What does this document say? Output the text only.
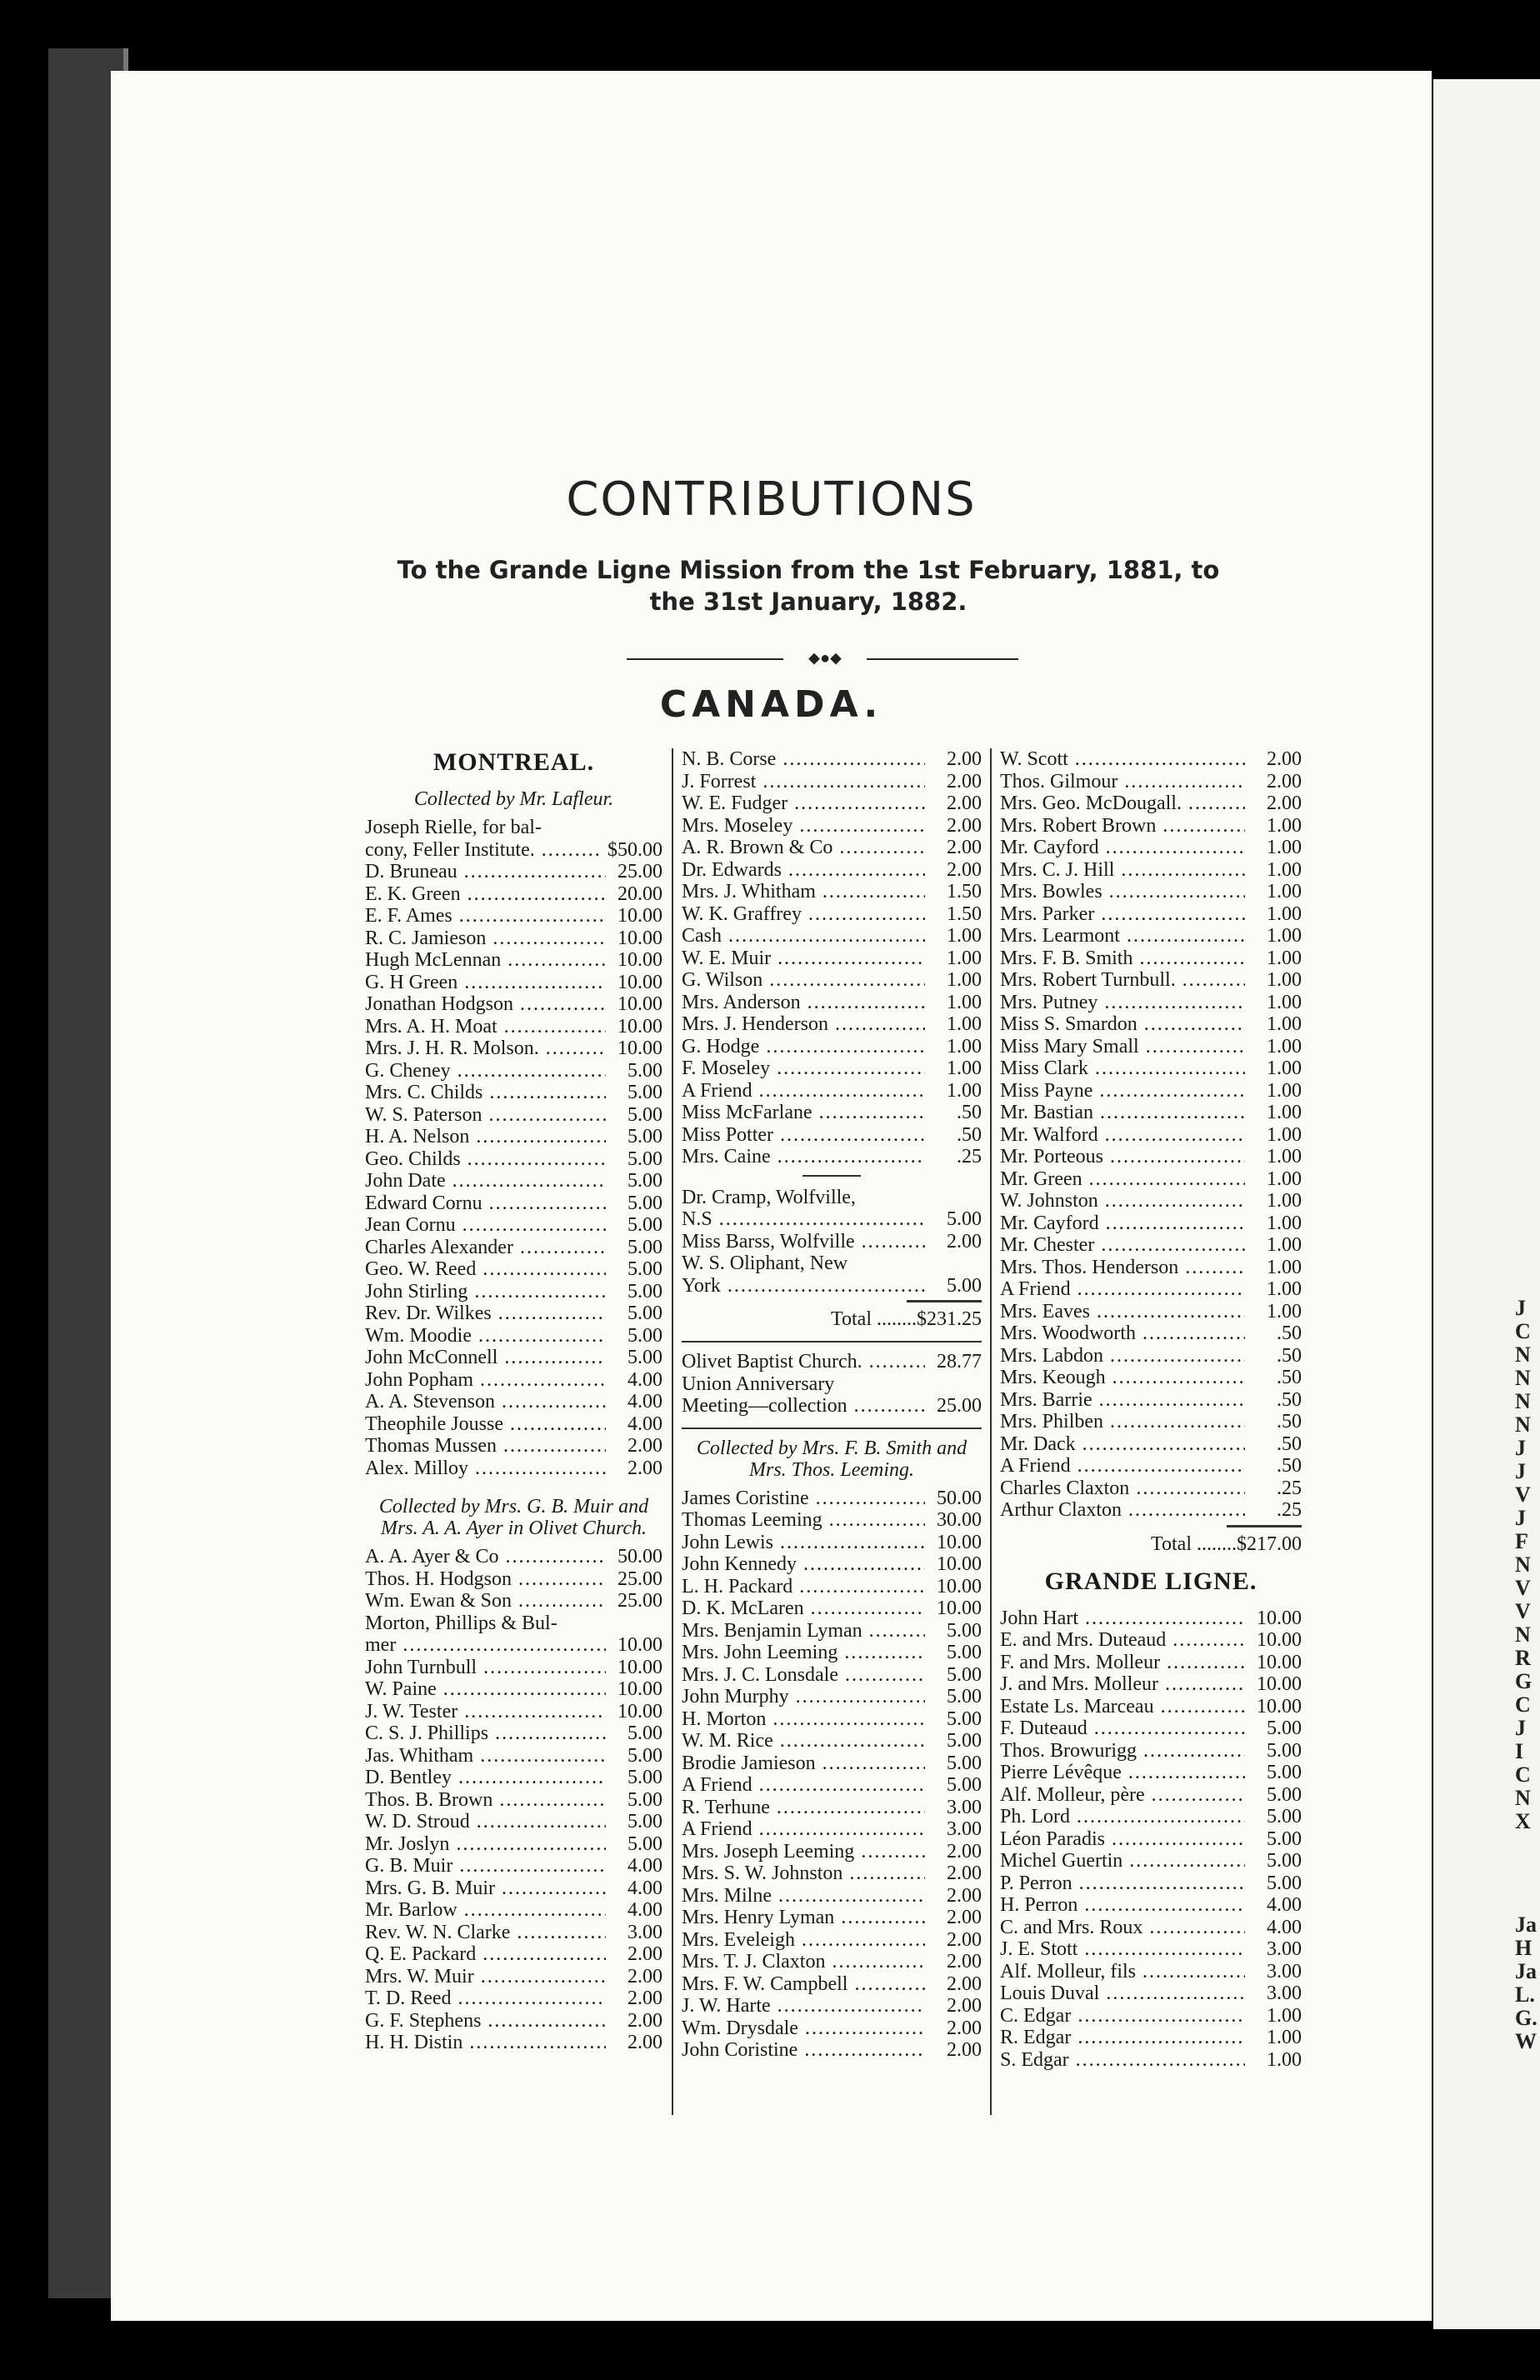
J
C
N
N
N
N
J
J
V
J
F
N
V
V
N
R
G
C
J
I
C
N
X
Ja
H
Ja
L.
G.
W
CONTRIBUTIONS
To the Grande Ligne Mission from the 1st February, 1881, to
the 31st January, 1882.
⬥●⬥
CANADA.
MONTREAL.
Collected by Mr. Lafleur.
Joseph Rielle, for bal-
cony, Feller Institute. .....	$50.00
D. Bruneau .....	25.00
E. K. Green .....	20.00
E. F. Ames .....	10.00
R. C. Jamieson .....	10.00
Hugh McLennan .....	10.00
G. H Green .....	10.00
Jonathan Hodgson .....	10.00
Mrs. A. H. Moat .....	10.00
Mrs. J. H. R. Molson. .....	10.00
G. Cheney .....	5.00
Mrs. C. Childs .....	5.00
W. S. Paterson .....	5.00
H. A. Nelson .....	5.00
Geo. Childs .....	5.00
John Date .....	5.00
Edward Cornu .....	5.00
Jean Cornu .....	5.00
Charles Alexander .....	5.00
Geo. W. Reed .....	5.00
John Stirling .....	5.00
Rev. Dr. Wilkes .....	5.00
Wm. Moodie .....	5.00
John McConnell .....	5.00
John Popham .....	4.00
A. A. Stevenson .....	4.00
Theophile Jousse .....	4.00
Thomas Mussen .....	2.00
Alex. Milloy .....	2.00
Collected by Mrs. G. B. Muir and Mrs. A. A. Ayer in Olivet Church.
A. A. Ayer & Co .....	50.00
Thos. H. Hodgson .....	25.00
Wm. Ewan & Son .....	25.00
Morton, Phillips & Bul-
mer .....	10.00
John Turnbull .....	10.00
W. Paine .....	10.00
J. W. Tester .....	10.00
C. S. J. Phillips .....	5.00
Jas. Whitham .....	5.00
D. Bentley .....	5.00
Thos. B. Brown .....	5.00
W. D. Stroud .....	5.00
Mr. Joslyn .....	5.00
G. B. Muir .....	4.00
Mrs. G. B. Muir .....	4.00
Mr. Barlow .....	4.00
Rev. W. N. Clarke .....	3.00
Q. E. Packard .....	2.00
Mrs. W. Muir .....	2.00
T. D. Reed .....	2.00
G. F. Stephens .....	2.00
H. H. Distin .....	2.00
N. B. Corse .....	2.00
J. Forrest .....	2.00
W. E. Fudger .....	2.00
Mrs. Moseley .....	2.00
A. R. Brown & Co .....	2.00
Dr. Edwards .....	2.00
Mrs. J. Whitham .....	1.50
W. K. Graffrey .....	1.50
Cash .....	1.00
W. E. Muir .....	1.00
G. Wilson .....	1.00
Mrs. Anderson .....	1.00
Mrs. J. Henderson .....	1.00
G. Hodge .....	1.00
F. Moseley .....	1.00
A Friend .....	1.00
Miss McFarlane .....	.50
Miss Potter .....	.50
Mrs. Caine .....	.25
Dr. Cramp, Wolfville,
N.S .....	5.00
Miss Barss, Wolfville .....	2.00
W. S. Oliphant, New
York .....	5.00
Total ........$231.25
Olivet Baptist Church. .....	28.77
Union Anniversary
Meeting—collection .....	25.00
Collected by Mrs. F. B. Smith and Mrs. Thos. Leeming.
James Coristine .....	50.00
Thomas Leeming .....	30.00
John Lewis .....	10.00
John Kennedy .....	10.00
L. H. Packard .....	10.00
D. K. McLaren .....	10.00
Mrs. Benjamin Lyman .....	5.00
Mrs. John Leeming .....	5.00
Mrs. J. C. Lonsdale .....	5.00
John Murphy .....	5.00
H. Morton .....	5.00
W. M. Rice .....	5.00
Brodie Jamieson .....	5.00
A Friend .....	5.00
R. Terhune .....	3.00
A Friend .....	3.00
Mrs. Joseph Leeming .....	2.00
Mrs. S. W. Johnston .....	2.00
Mrs. Milne .....	2.00
Mrs. Henry Lyman .....	2.00
Mrs. Eveleigh .....	2.00
Mrs. T. J. Claxton .....	2.00
Mrs. F. W. Campbell .....	2.00
J. W. Harte .....	2.00
Wm. Drysdale .....	2.00
John Coristine .....	2.00
W. Scott .....	2.00
Thos. Gilmour .....	2.00
Mrs. Geo. McDougall. .....	2.00
Mrs. Robert Brown .....	1.00
Mr. Cayford .....	1.00
Mrs. C. J. Hill .....	1.00
Mrs. Bowles .....	1.00
Mrs. Parker .....	1.00
Mrs. Learmont .....	1.00
Mrs. F. B. Smith .....	1.00
Mrs. Robert Turnbull. .....	1.00
Mrs. Putney .....	1.00
Miss S. Smardon .....	1.00
Miss Mary Small .....	1.00
Miss Clark .....	1.00
Miss Payne .....	1.00
Mr. Bastian .....	1.00
Mr. Walford .....	1.00
Mr. Porteous .....	1.00
Mr. Green .....	1.00
W. Johnston .....	1.00
Mr. Cayford .....	1.00
Mr. Chester .....	1.00
Mrs. Thos. Henderson .....	1.00
A Friend .....	1.00
Mrs. Eaves .....	1.00
Mrs. Woodworth .....	.50
Mrs. Labdon .....	.50
Mrs. Keough .....	.50
Mrs. Barrie .....	.50
Mrs. Philben .....	.50
Mr. Dack .....	.50
A Friend .....	.50
Charles Claxton .....	.25
Arthur Claxton .....	.25
Total ........$217.00
GRANDE LIGNE.
John Hart .....	10.00
E. and Mrs. Duteaud .....	10.00
F. and Mrs. Molleur .....	10.00
J. and Mrs. Molleur .....	10.00
Estate Ls. Marceau .....	10.00
F. Duteaud .....	5.00
Thos. Browurigg .....	5.00
Pierre Lévêque .....	5.00
Alf. Molleur, père .....	5.00
Ph. Lord .....	5.00
Léon Paradis .....	5.00
Michel Guertin .....	5.00
P. Perron .....	5.00
H. Perron .....	4.00
C. and Mrs. Roux .....	4.00
J. E. Stott .....	3.00
Alf. Molleur, fils .....	3.00
Louis Duval .....	3.00
C. Edgar .....	1.00
R. Edgar .....	1.00
S. Edgar .....	1.00
